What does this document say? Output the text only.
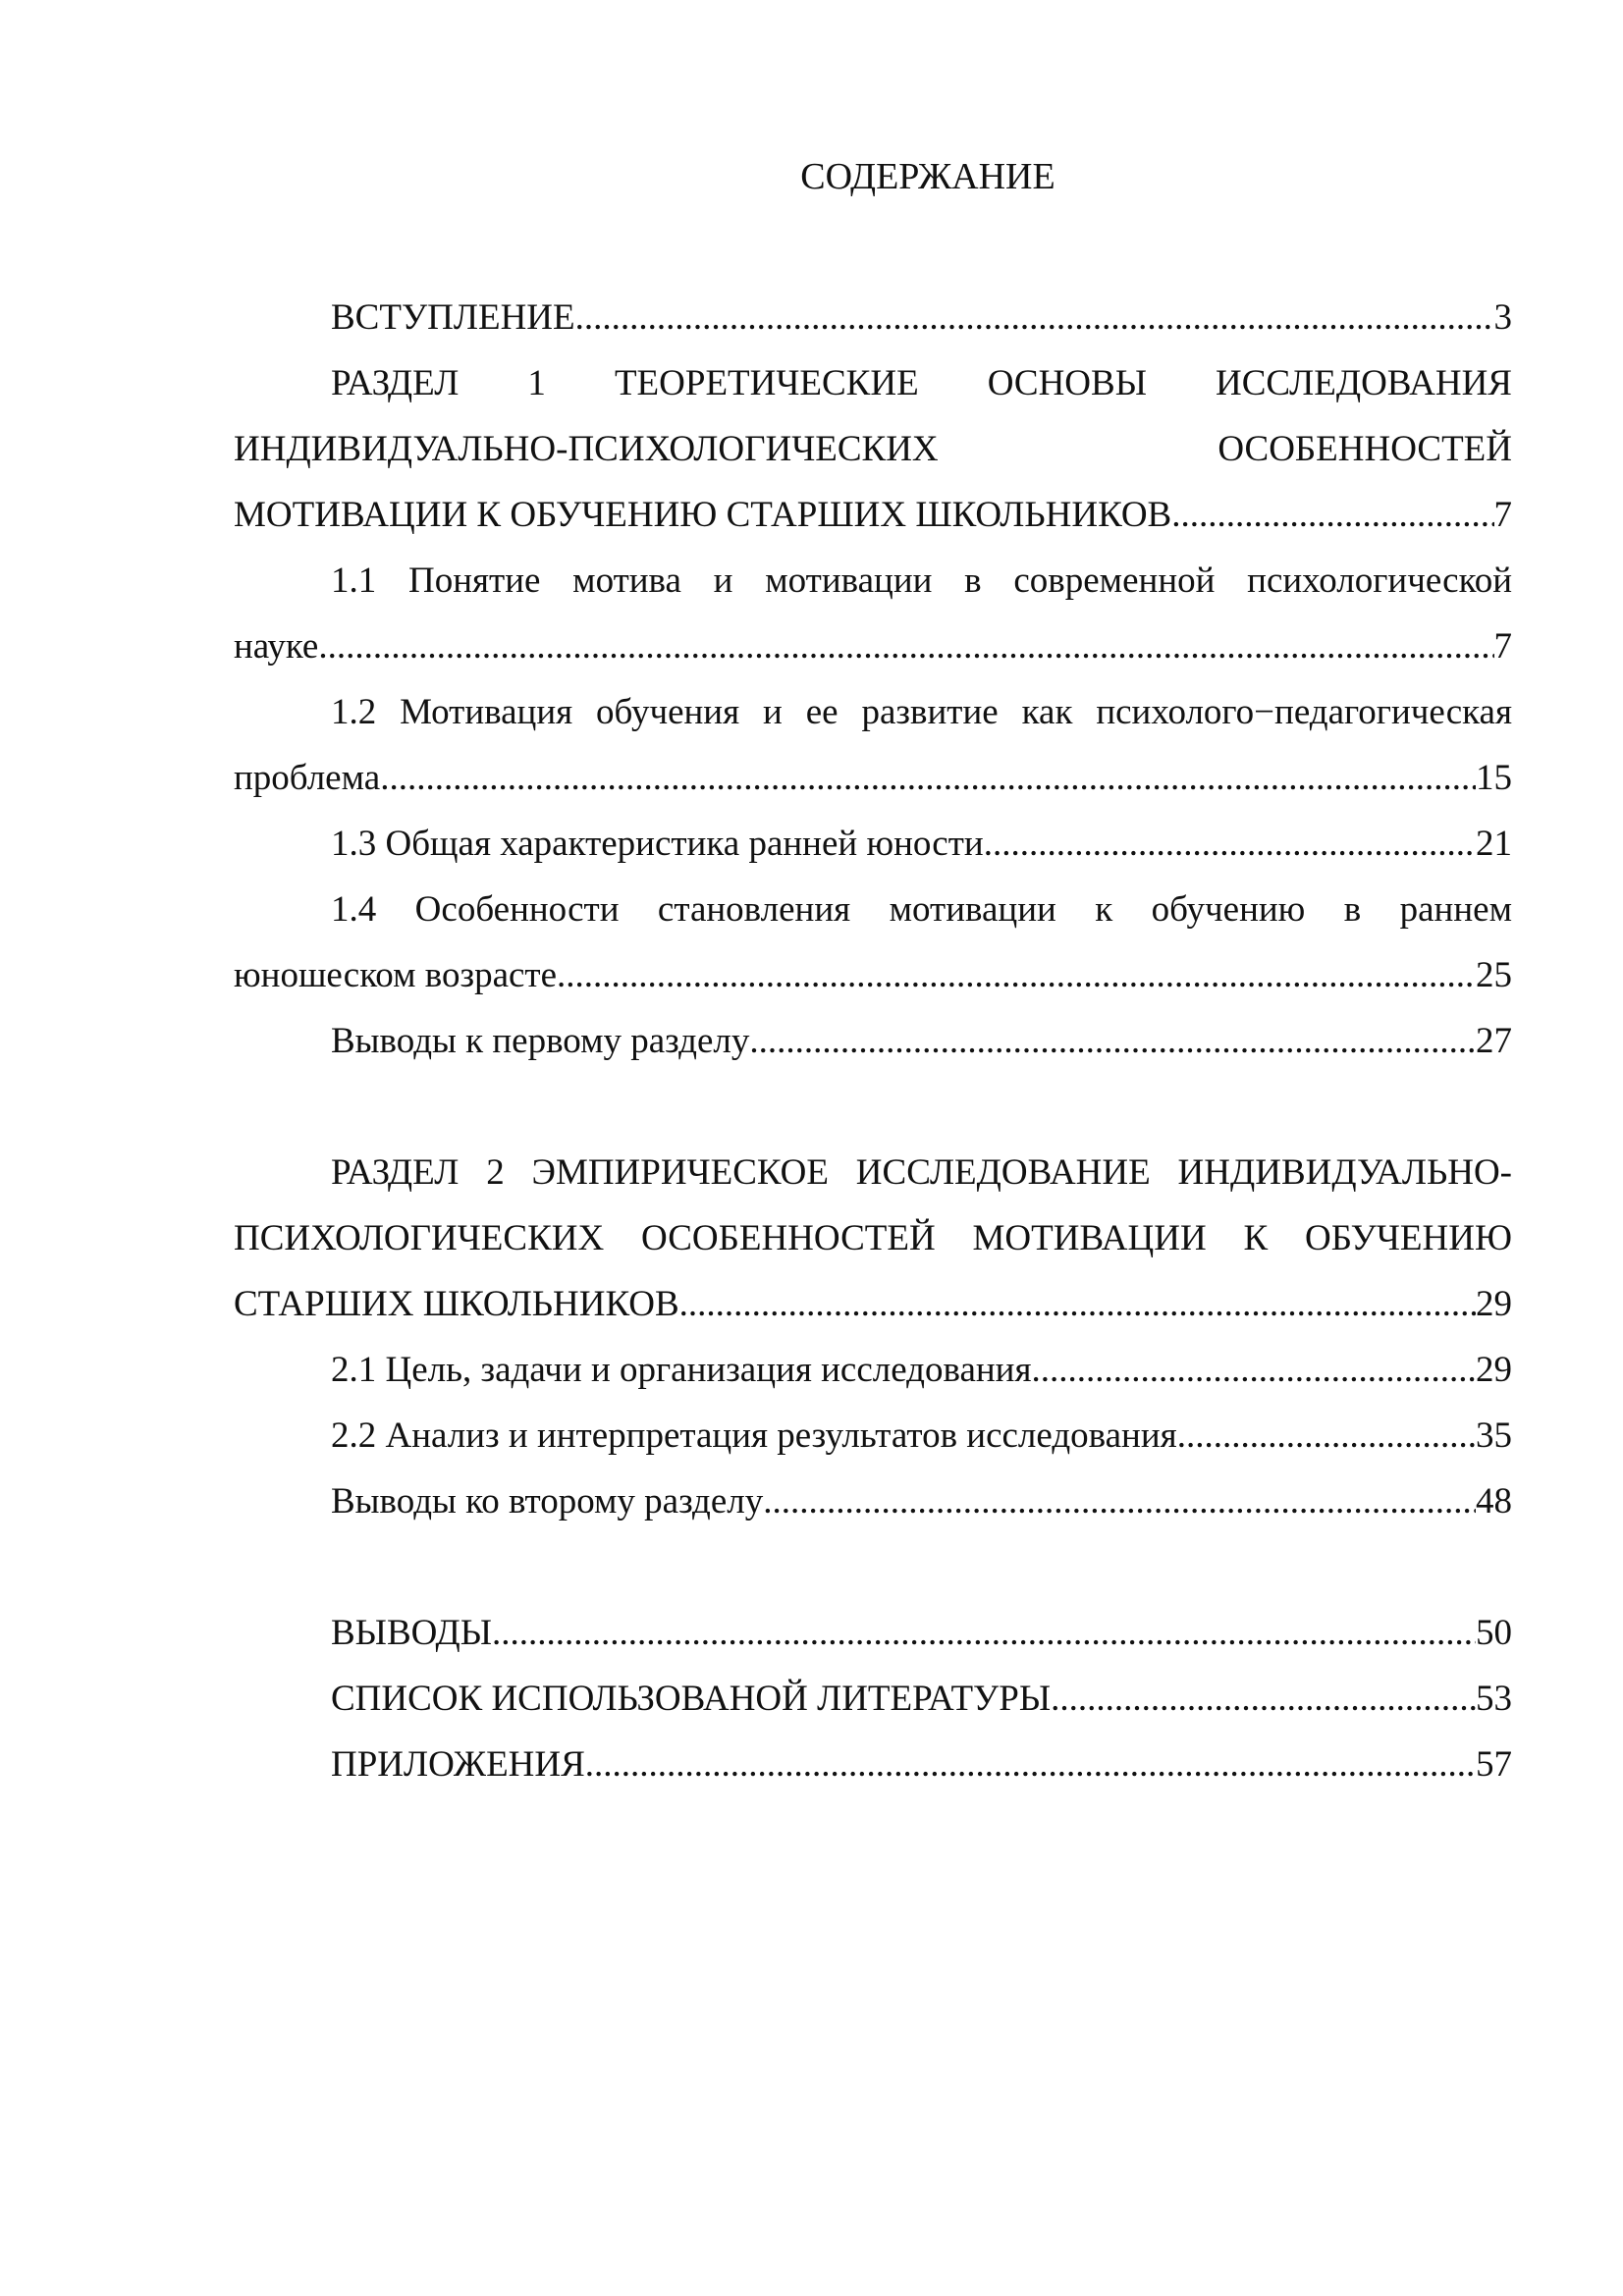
СОДЕРЖАНИЕ
ВСТУПЛЕНИЕ .....	3
РАЗДЕЛ 1 ТЕОРЕТИЧЕСКИЕ ОСНОВЫ ИССЛЕДОВАНИЯ
ИНДИВИДУАЛЬНО-ПСИХОЛОГИЧЕСКИХ ОСОБЕННОСТЕЙ
МОТИВАЦИИ К ОБУЧЕНИЮ СТАРШИХ ШКОЛЬНИКОВ .....	7
1.1 Понятие мотива и мотивации в современной психологической
науке .....	7
1.2 Мотивация обучения и ее развитие как психолого−педагогическая
проблема .....	15
1.3 Общая характеристика ранней юности .....	21
1.4 Особенности становления мотивации к обучению в раннем
юношеском возрасте .....	25
Выводы к первому разделу .....	27
РАЗДЕЛ 2 ЭМПИРИЧЕСКОЕ ИССЛЕДОВАНИЕ ИНДИВИДУАЛЬНО-
ПСИХОЛОГИЧЕСКИХ ОСОБЕННОСТЕЙ МОТИВАЦИИ К ОБУЧЕНИЮ
СТАРШИХ ШКОЛЬНИКОВ .....	29
2.1 Цель, задачи и организация исследования .....	29
2.2 Анализ и интерпретация результатов исследования .....	35
Выводы ко второму разделу .....	48
ВЫВОДЫ .....	50
СПИСОК ИСПОЛЬЗОВАНОЙ ЛИТЕРАТУРЫ .....	53
ПРИЛОЖЕНИЯ .....	57
